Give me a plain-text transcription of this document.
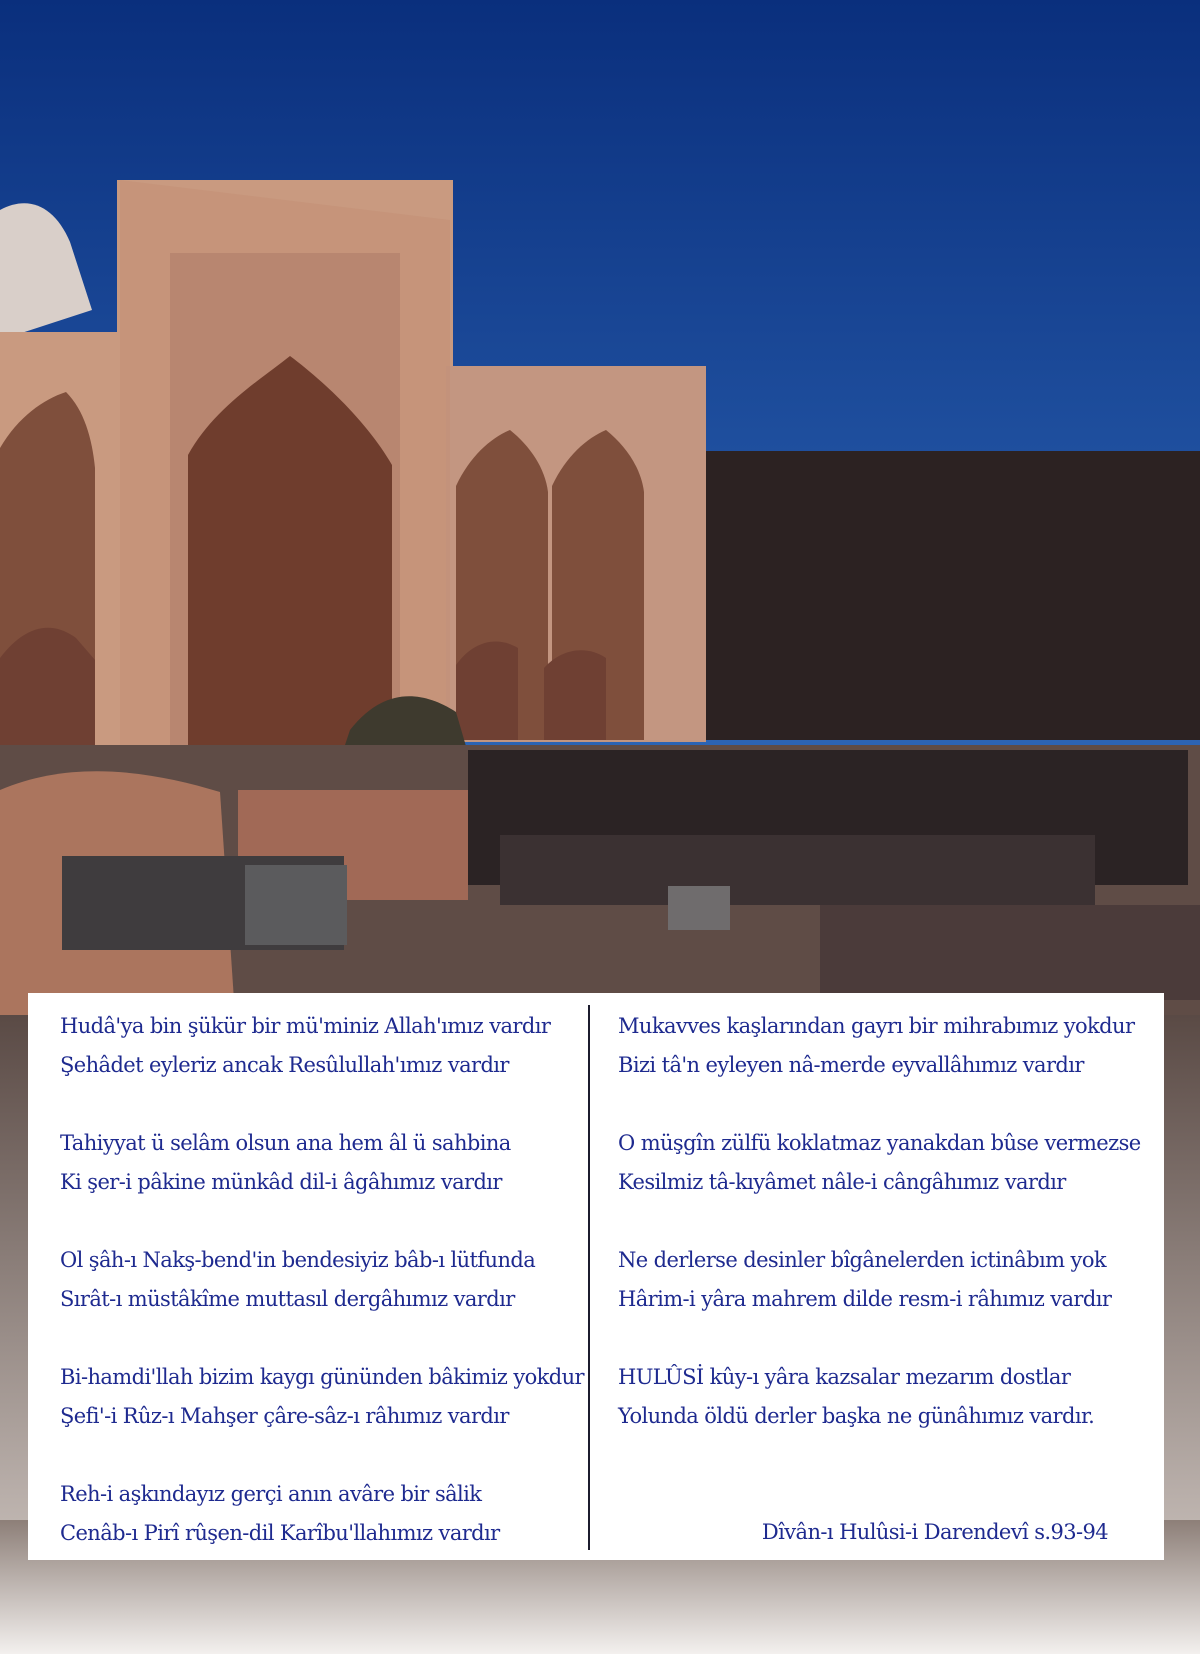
Hudâ'ya bin şükür bir mü'miniz Allah'ımız vardır
Şehâdet eyleriz ancak Resûlullah'ımız vardır
Tahiyyat ü selâm olsun ana hem âl ü sahbina
Ki şer-i pâkine münkâd dil-i âgâhımız vardır
Ol şâh-ı Nakş-bend'in bendesiyiz bâb-ı lütfunda
Sırât-ı müstâkîme muttasıl dergâhımız vardır
Bi-hamdi'llah bizim kaygı gününden bâkimiz yokdur
Şefi'-i Rûz-ı Mahşer çâre-sâz-ı râhımız vardır
Reh-i aşkındayız gerçi anın avâre bir sâlik
Cenâb-ı Pirî rûşen-dil Karîbu'llahımız vardır
Mukavves kaşlarından gayrı bir mihrabımız yokdur
Bizi tâ'n eyleyen nâ-merde eyvallâhımız vardır
O müşgîn zülfü koklatmaz yanakdan bûse vermezse
Kesilmiz tâ-kıyâmet nâle-i cângâhımız vardır
Ne derlerse desinler bîgânelerden ictinâbım yok
Hârim-i yâra mahrem dilde resm-i râhımız vardır
HULÛSİ kûy-ı yâra kazsalar mezarım dostlar
Yolunda öldü derler başka ne günâhımız vardır.
Dîvân-ı Hulûsi-i Darendevî s.93-94
